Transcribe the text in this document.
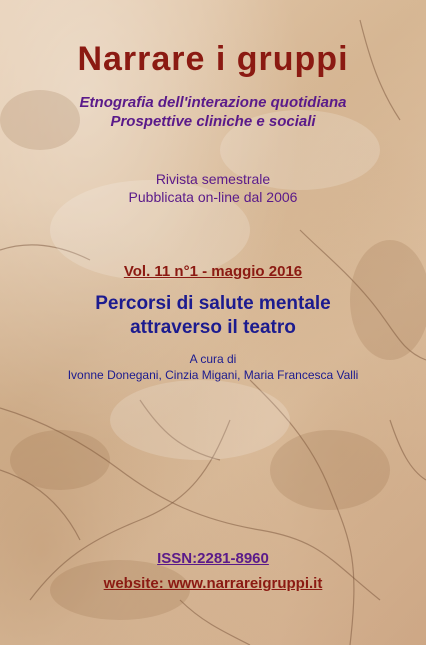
Narrare i gruppi
Etnografia dell'interazione quotidiana
Prospettive cliniche e sociali
Rivista semestrale
Pubblicata on-line dal 2006
Vol. 11 n°1 - maggio 2016
Percorsi di salute mentale
attraverso il teatro
A cura di
Ivonne Donegani, Cinzia Migani, Maria Francesca Valli
ISSN:2281-8960
website: www.narrareigruppi.it
